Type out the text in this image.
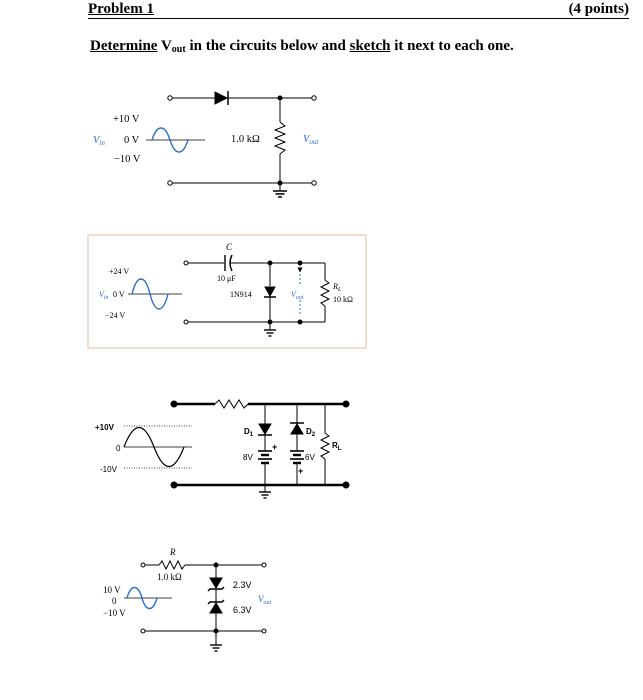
Problem 1	(4 points)
Determine $V_{out}$ in the circuits below and sketch it next to each one.
+10 V
Vin 0 V
−10 V
1.0 kΩ	Vout
+24 V
$V_{in}$ 0 V
−24 V
C
10 μF
1N914	$V_{out}$
$R_L$
10 kΩ
+10V
0
-10V
$D_1$	$D_2$
8V	6V
+
+
$R_L$
R
1.0 kΩ
10 V
0
−10 V
2.3V
6.3V
$V_{out}$
